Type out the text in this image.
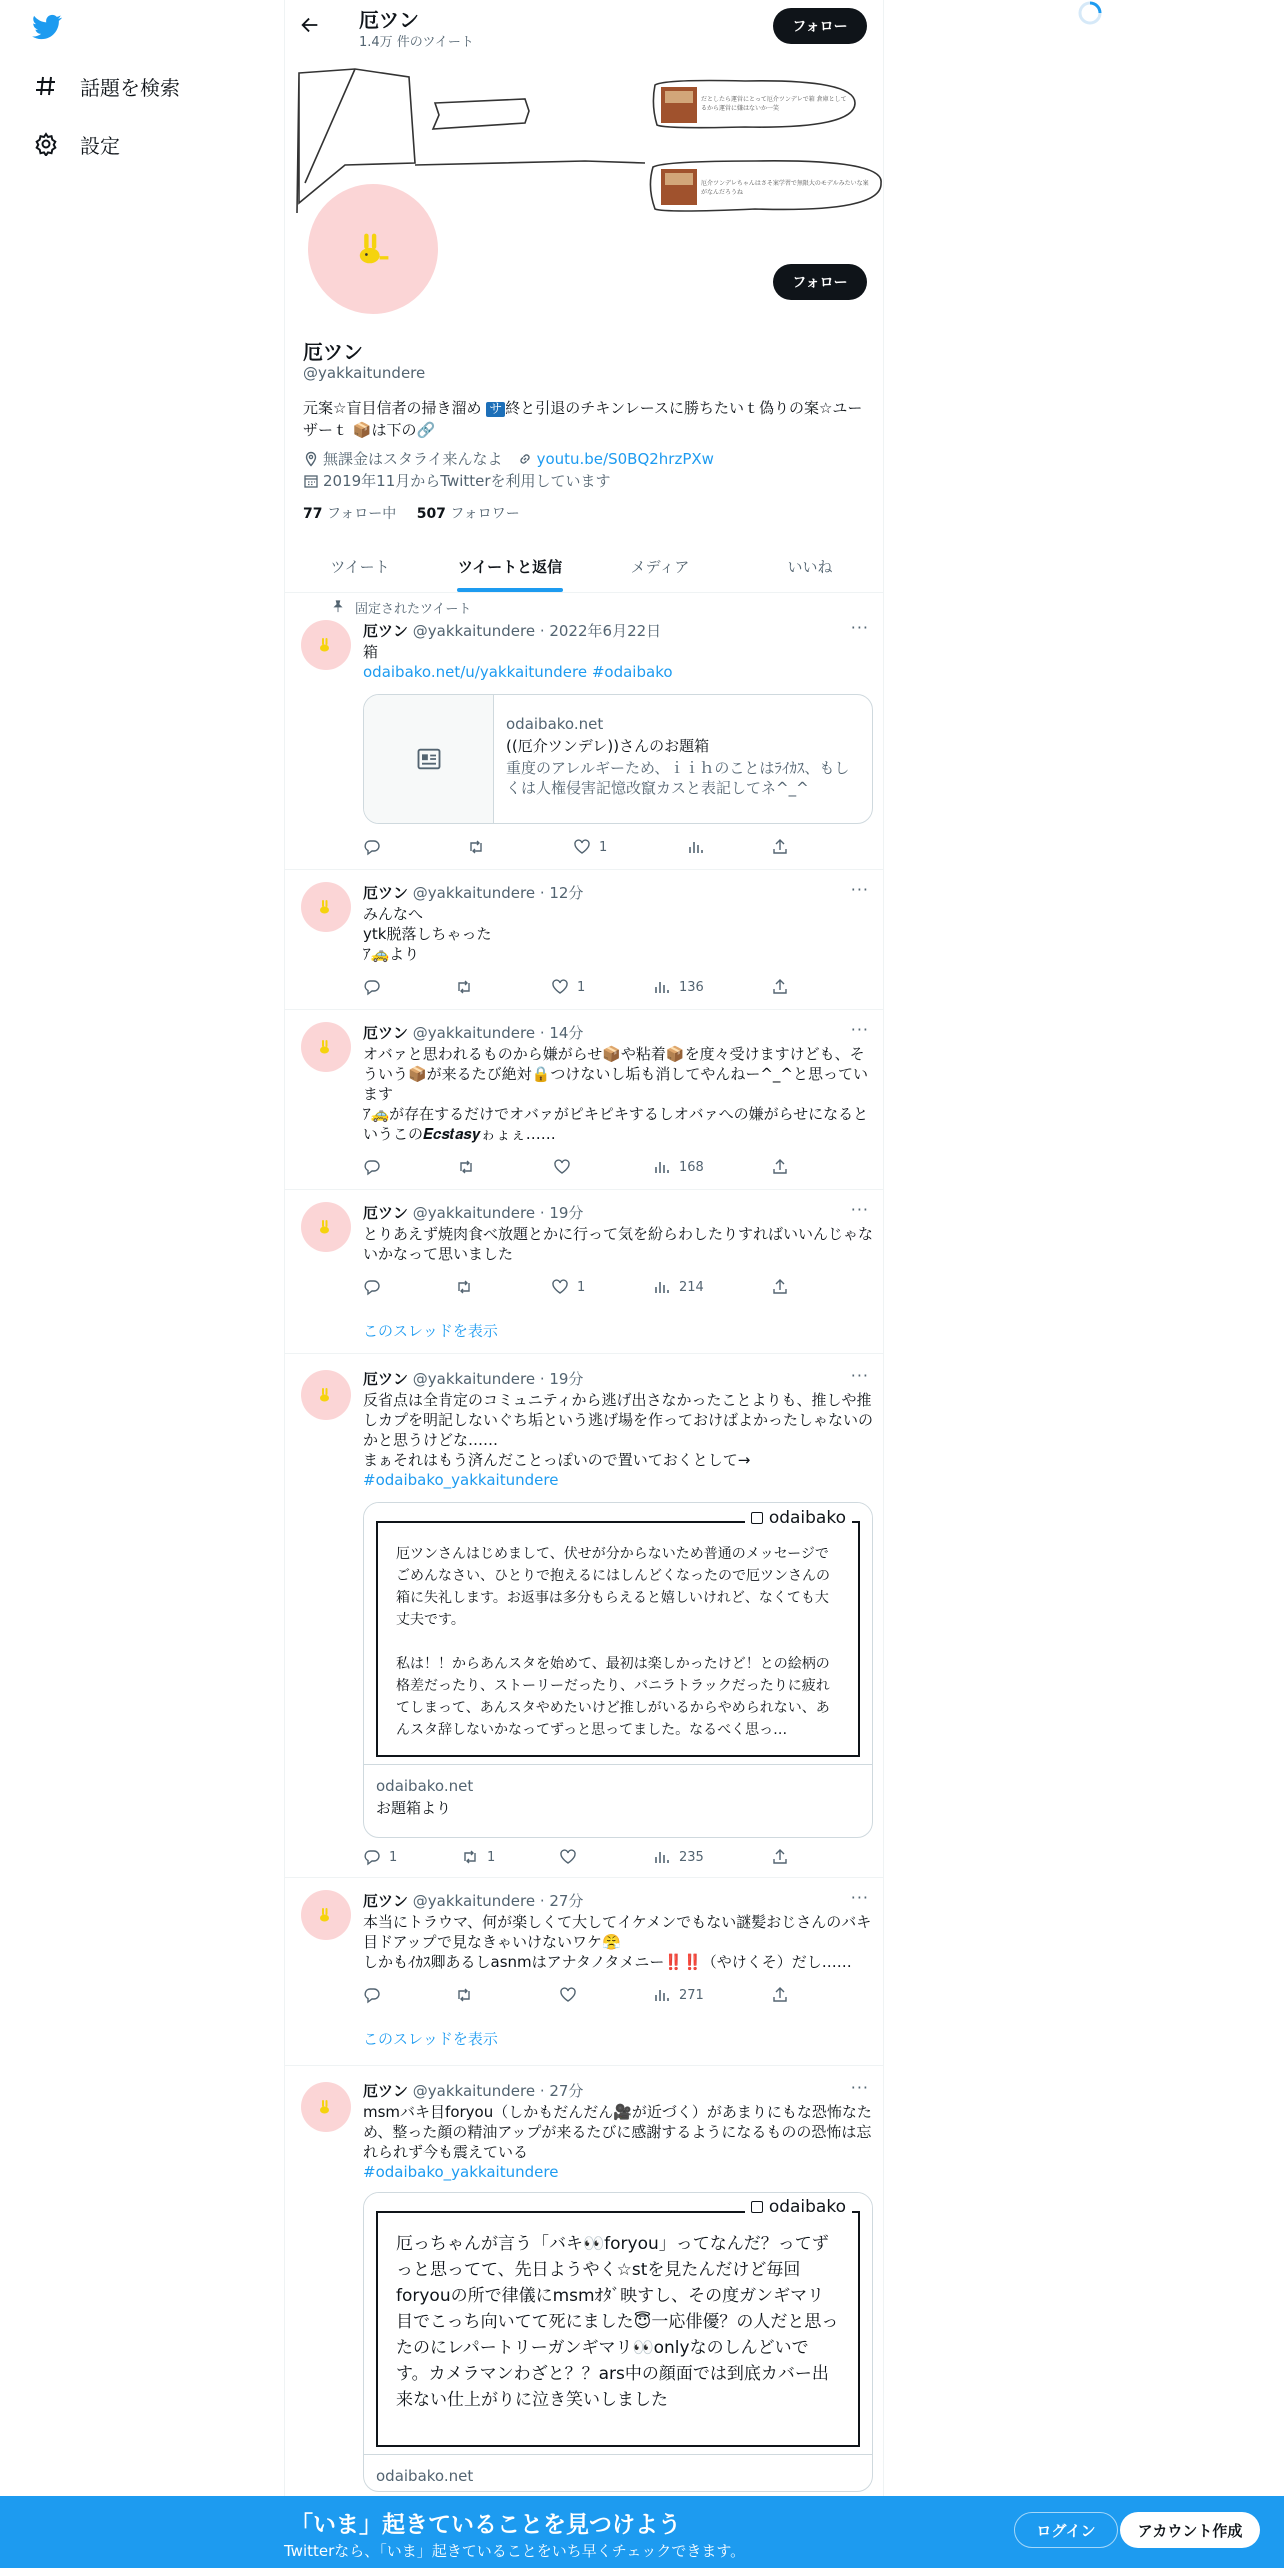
話題を検索
設定
厄ツン
1.4万 件のツイート
フォロー
だとしたら運営にとって厄介ツンデレで箱 倉庫としてるから運営に嫌はないか一笑
厄介ツンデレちゃんはさそ案学習で無限大のモデルみたいな案がなんだろうね
フォロー
厄ツン
@yakkaitundere
元案☆盲目信者の掃き溜め サ 終と引退のチキンレースに勝ちたいｔ偽りの案☆ユーザーｔ 📦は下の🔗
無課金はスタライ来んなよ youtu.be/S0BQ2hrzPXw
2019年11月からTwitterを利用しています
77 フォロー中 507 フォロワー
ツイート	ツイートと返信	メディア	いいね
固定されたツイート
厄ツン @yakkaitundere · 2022年6月22日	···
箱
odaibako.net/u/yakkaitundere #odaibako
odaibako.net
((厄介ツンデレ))さんのお題箱
重度のアレルギーため、ｉｉｈのことはﾗｲｶｽ、もしくは人権侵害記憶改竄カスと表記してネ^_^
1
厄ツン @yakkaitundere · 12分	···
みんなへ
ytk脱落しちゃった
ｱ🚕より
1	136
厄ツン @yakkaitundere · 14分	···
オバァと思われるものから嫌がらせ📦や粘着📦を度々受けますけども、そういう📦が来るたび絶対🔒つけないし垢も消してやんねー^_^と思っています
ｱ🚕が存在するだけでオバァがピキピキするしオバァへの嫌がらせになるというこの𝑬𝒄𝒔𝒕𝒂𝒔𝒚ゎょぇ……
168
厄ツン @yakkaitundere · 19分	···
とりあえず焼肉食べ放題とかに行って気を紛らわしたりすればいいんじゃないかなって思いました
1	214
このスレッドを表示
厄ツン @yakkaitundere · 19分	···
反省点は全肯定のコミュニティから逃げ出さなかったことよりも、推しや推しカプを明記しないぐち垢という逃げ場を作っておけばよかったしゃないのかと思うけどな……
まぁそれはもう済んだことっぽいので置いておくとして→
#odaibako_yakkaitundere
厄ツンさんはじめまして、伏せが分からないため普通のメッセージでごめんなさい、ひとりで抱えるにはしんどくなったので厄ツンさんの箱に失礼します。お返事は多分もらえると嬉しいけれど、なくても大丈夫です。

私は！！からあんスタを始めて、最初は楽しかったけど！との絵柄の格差だったり、ストーリーだったり、バニラトラックだったりに疲れてしまって、あんスタやめたいけど推しがいるからやめられない、あんスタ辞しないかなってずっと思ってました。なるべく思っ…
odaibako
odaibako.net
お題箱より
1	1	235
厄ツン @yakkaitundere · 27分	···
本当にトラウマ、何が楽しくて大してイケメンでもない謎髪おじさんのバキ目ドアップで見なきゃいけないワケ😤
しかもｲｶｽ卿あるしasnmはアナタノタメニー‼️‼️（やけくそ）だし……
271
このスレッドを表示
厄ツン @yakkaitundere · 27分	···
msmバキ目foryou（しかもだんだん🎥が近づく）があまりにもな恐怖なため、整った顔の精油アップが来るたびに感謝するようになるものの恐怖は忘れられず今も震えている
#odaibako_yakkaitundere
厄っちゃんが言う「バキ👀foryou」ってなんだ？ってずっと思ってて、先日ようやく☆stを見たんだけど毎回foryouの所で律儀にmsmｵﾀﾞ映すし、その度ガンギマリ目でこっち向いてて死にました😇一応俳優？の人だと思ったのにレパートリーガンギマリ👀onlyなのしんどいです。カメラマンわざと？？ars中の顔面では到底カバー出来ない仕上がりに泣き笑いしました
odaibako
odaibako.net
「いま」起きていることを見つけよう
Twitterなら、「いま」起きていることをいち早くチェックできます。
ログイン	アカウント作成
